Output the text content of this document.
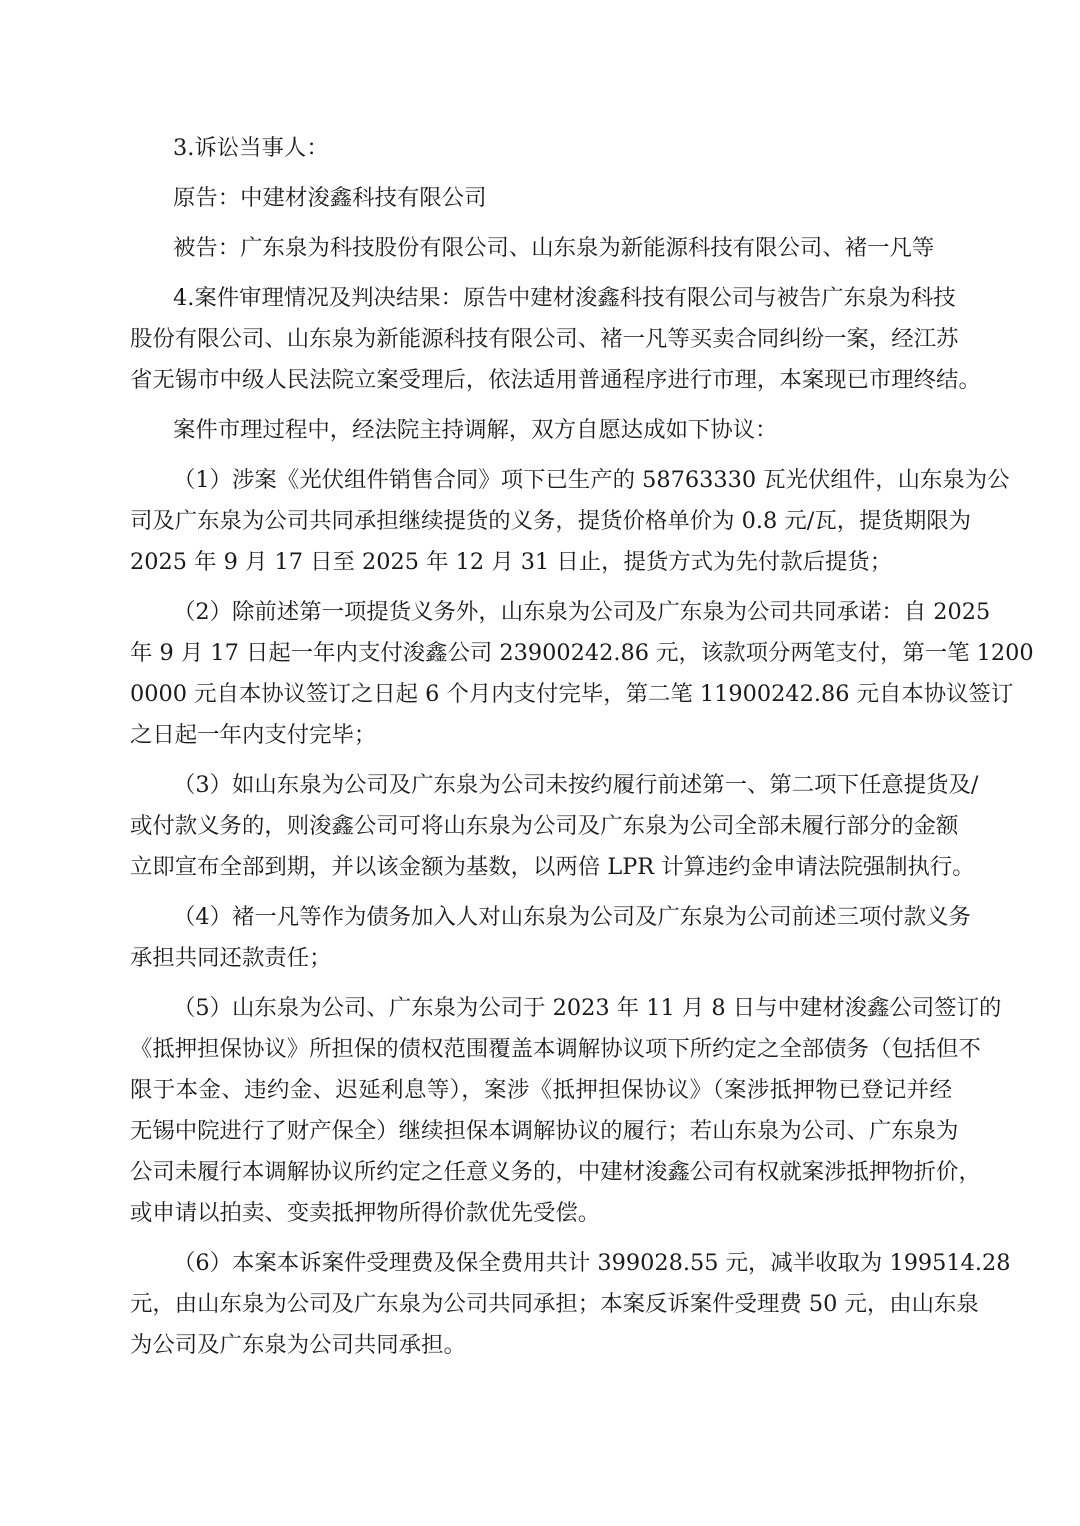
3.诉讼当事人：
原告：中建材浚鑫科技有限公司
被告：广东泉为科技股份有限公司、山东泉为新能源科技有限公司、褚一凡等
4.案件审理情况及判决结果：原告中建材浚鑫科技有限公司与被告广东泉为科技
股份有限公司、山东泉为新能源科技有限公司、褚一凡等买卖合同纠纷一案，经江苏
省无锡市中级人民法院立案受理后，依法适用普通程序进行市理，本案现已市理终结。
案件市理过程中，经法院主持调解，双方自愿达成如下协议：
（1）涉案《光伏组件销售合同》项下已生产的 58763330 瓦光伏组件，山东泉为公
司及广东泉为公司共同承担继续提货的义务，提货价格单价为 0.8 元/瓦，提货期限为
2025 年 9 月 17 日至 2025 年 12 月 31 日止，提货方式为先付款后提货；
（2）除前述第一项提货义务外，山东泉为公司及广东泉为公司共同承诺：自 2025
年 9 月 17 日起一年内支付浚鑫公司 23900242.86 元，该款项分两笔支付，第一笔 1200
0000 元自本协议签订之日起 6 个月内支付完毕，第二笔 11900242.86 元自本协议签订
之日起一年内支付完毕；
（3）如山东泉为公司及广东泉为公司未按约履行前述第一、第二项下任意提货及/
或付款义务的，则浚鑫公司可将山东泉为公司及广东泉为公司全部未履行部分的金额
立即宣布全部到期，并以该金额为基数，以两倍 LPR 计算违约金申请法院强制执行。
（4）褚一凡等作为债务加入人对山东泉为公司及广东泉为公司前述三项付款义务
承担共同还款责任；
（5）山东泉为公司、广东泉为公司于 2023 年 11 月 8 日与中建材浚鑫公司签订的
《抵押担保协议》所担保的债权范围覆盖本调解协议项下所约定之全部债务（包括但不
限于本金、违约金、迟延利息等），案涉《抵押担保协议》（案涉抵押物已登记并经
无锡中院进行了财产保全）继续担保本调解协议的履行；若山东泉为公司、广东泉为
公司未履行本调解协议所约定之任意义务的，中建材浚鑫公司有权就案涉抵押物折价，
或申请以拍卖、变卖抵押物所得价款优先受偿。
（6）本案本诉案件受理费及保全费用共计 399028.55 元，减半收取为 199514.28
元，由山东泉为公司及广东泉为公司共同承担；本案反诉案件受理费 50 元，由山东泉
为公司及广东泉为公司共同承担。
